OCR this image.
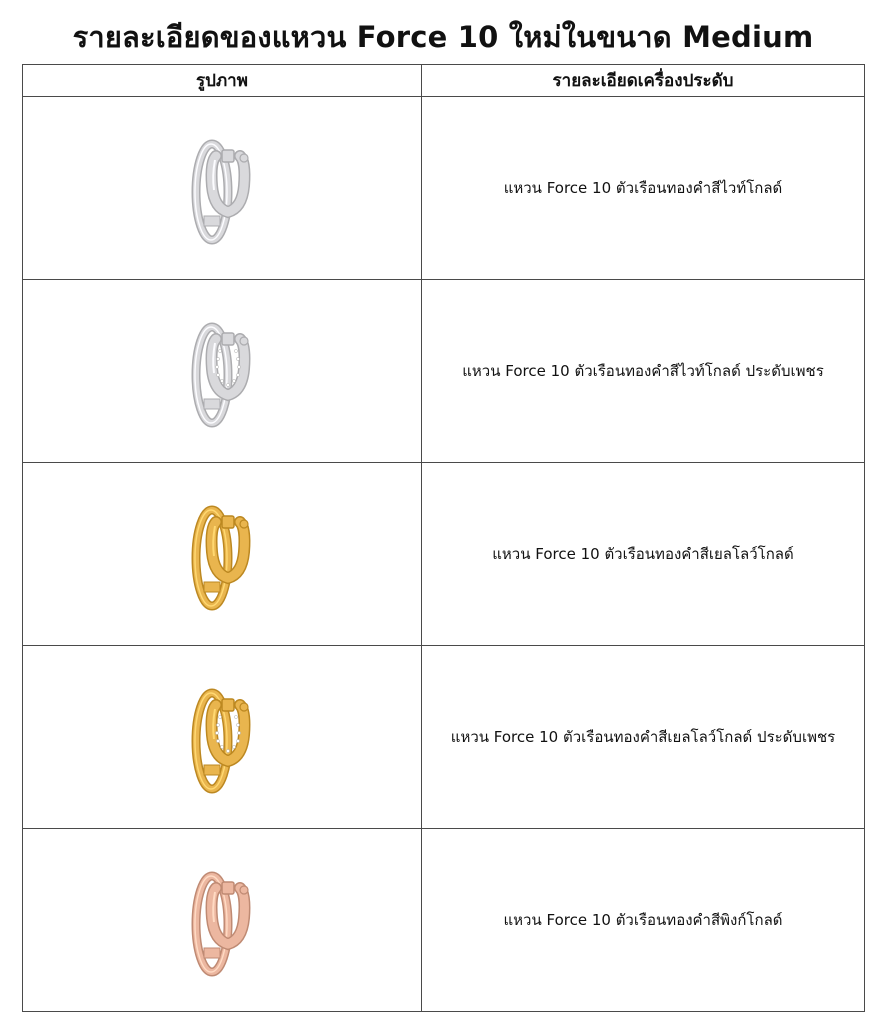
รายละเอียดของแหวน Force 10 ใหม่ในขนาด Medium
รูปภาพ	รายละเอียดเครื่องประดับ

	แหวน Force 10 ตัวเรือนทองคำสีไวท์โกลด์

	แหวน Force 10 ตัวเรือนทองคำสีไวท์โกลด์ ประดับเพชร

	แหวน Force 10 ตัวเรือนทองคำสีเยลโลว์โกลด์

	แหวน Force 10 ตัวเรือนทองคำสีเยลโลว์โกลด์ ประดับเพชร

	แหวน Force 10 ตัวเรือนทองคำสีพิงก์โกลด์
